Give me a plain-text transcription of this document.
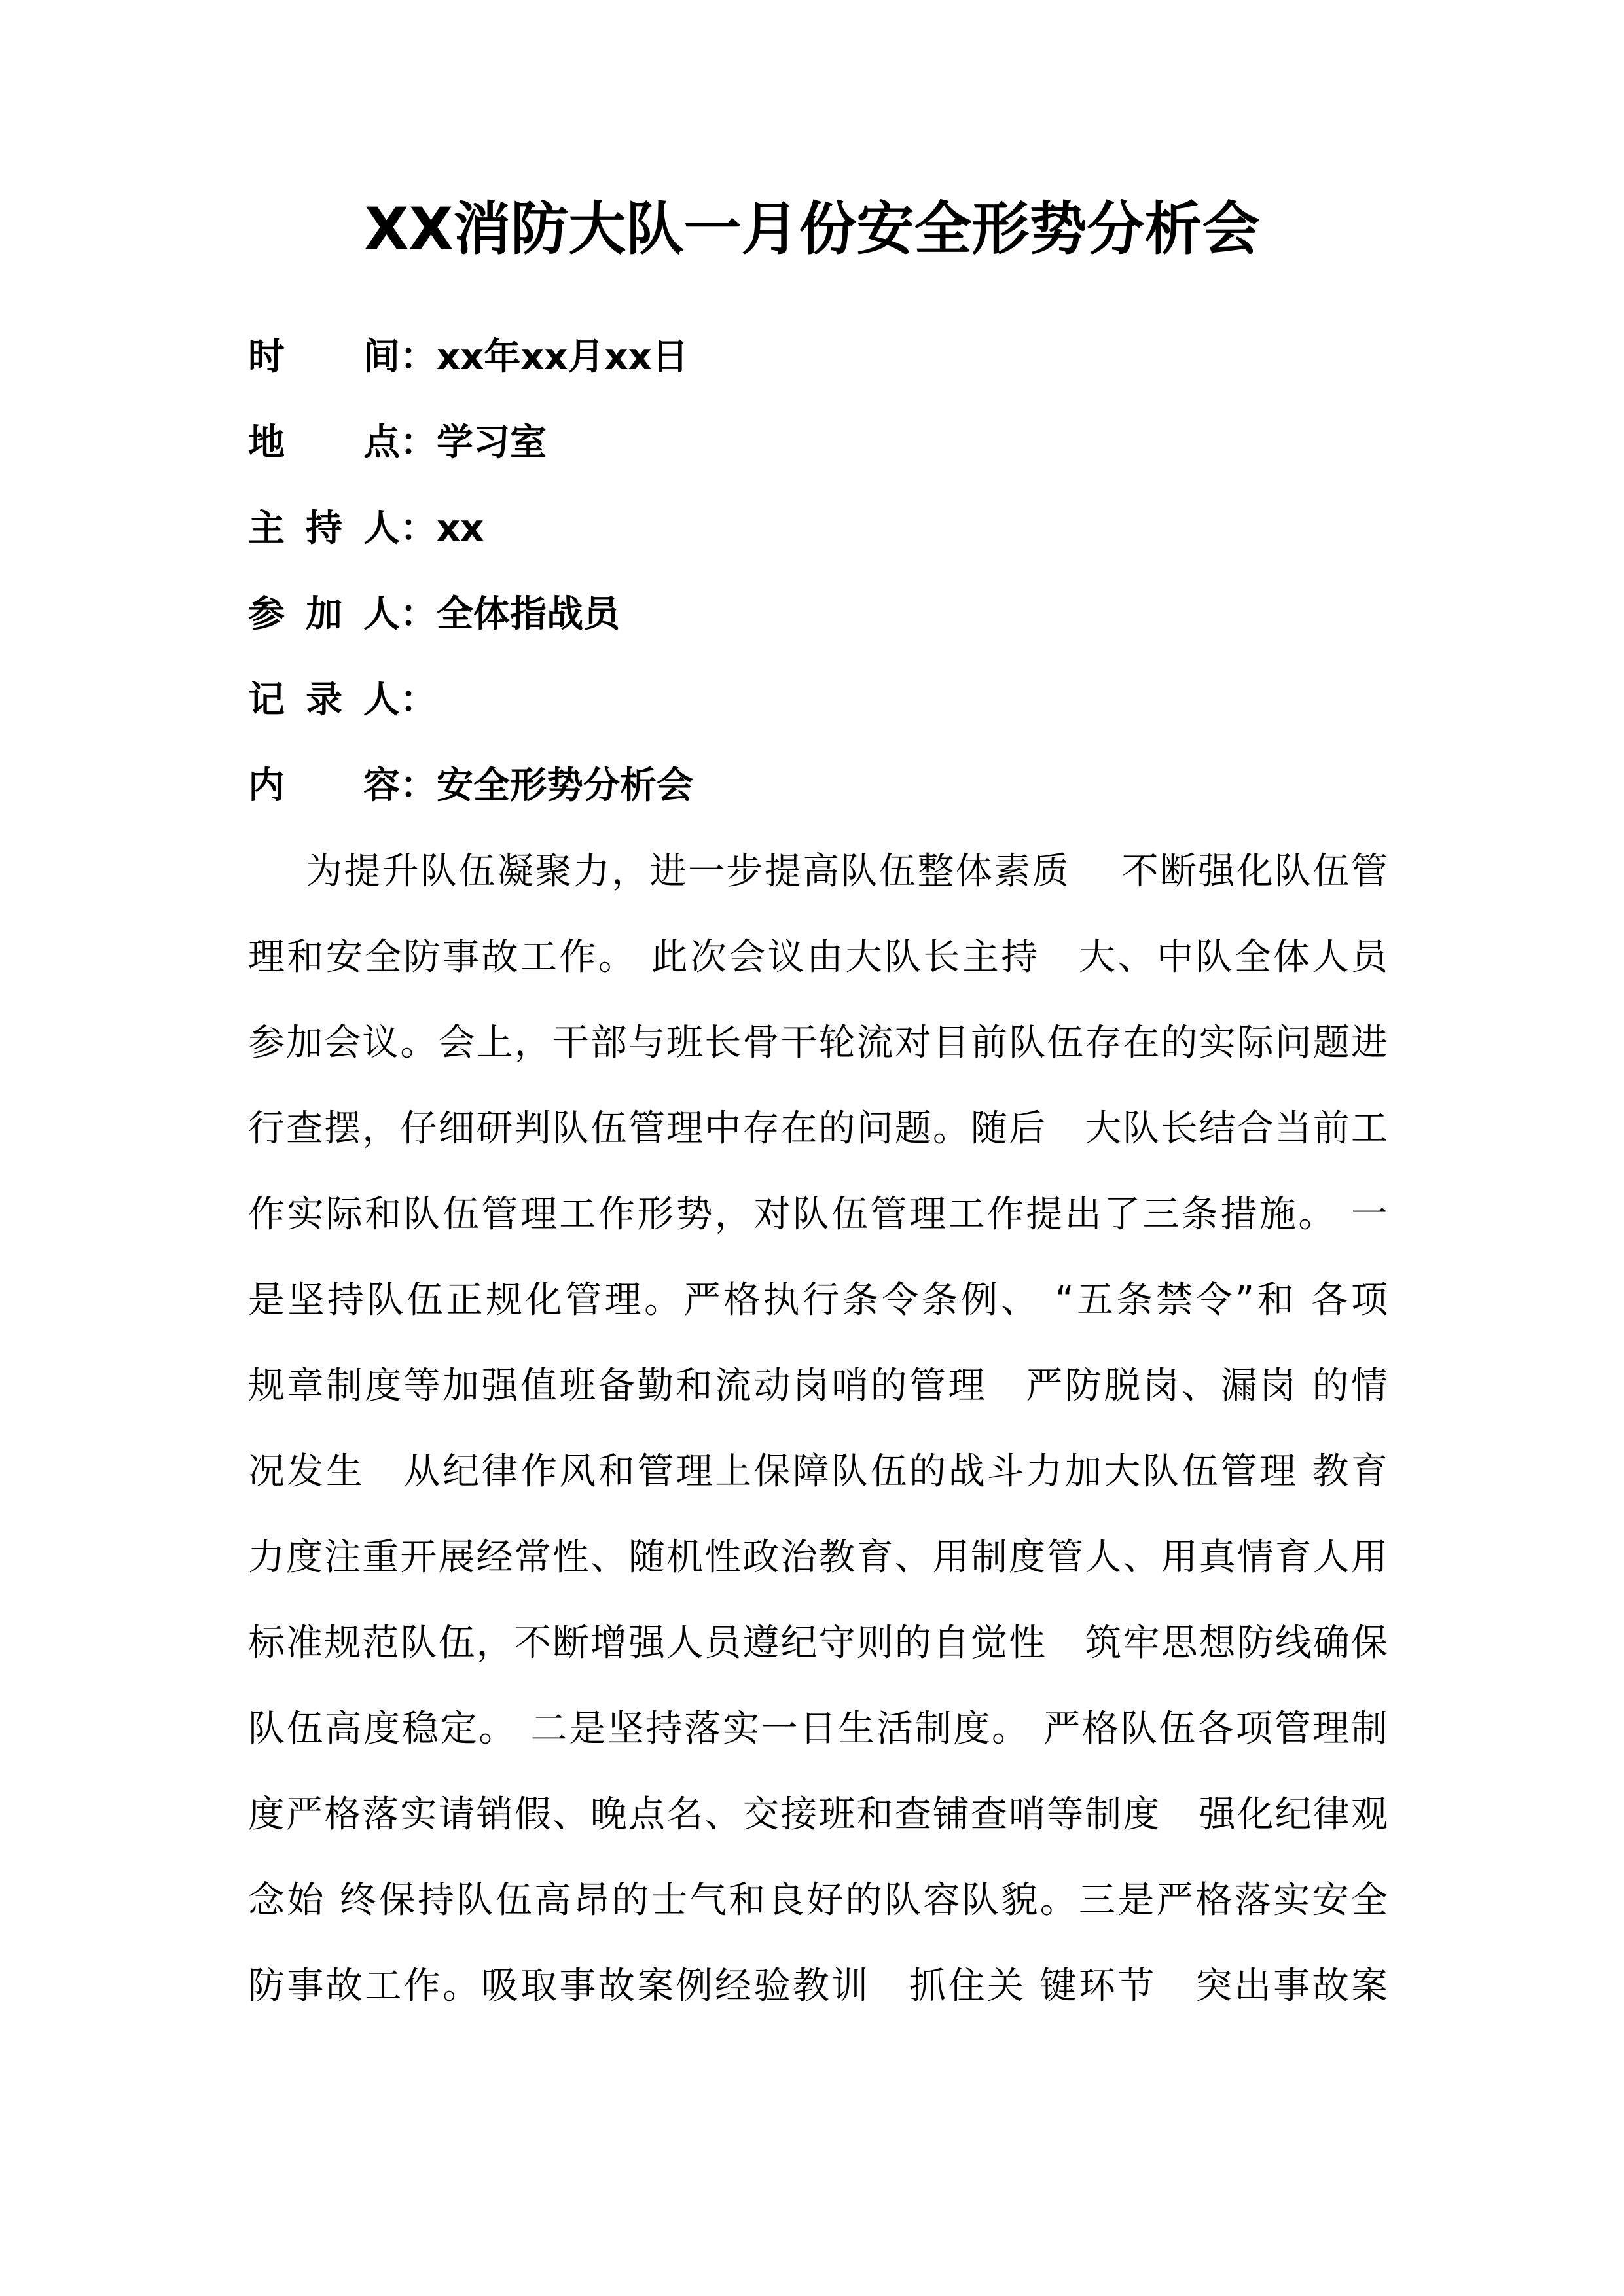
XX消防大队一月份安全形势分析会
时　间：xx年xx月xx日
地　点：学习室
主持人：xx
参加人：全体指战员
记录人：
内　容：安全形势分析会
为提升队伍凝聚力，进一步提高队伍整体素质　 不断强化队伍管
理和安全防事故工作。 此次会议由大队长主持　大、中队全体人员
参加会议。会上，干部与班长骨干轮流对目前队伍存在的实际问题进
行查摆，仔细研判队伍管理中存在的问题。随后　大队长结合当前工
作实际和队伍管理工作形势，对队伍管理工作提出了三条措施。 一
是坚持队伍正规化管理。严格执行条令条例、 “五条禁令”和 各项
规章制度等加强值班备勤和流动岗哨的管理　严防脱岗、漏岗 的情
况发生　从纪律作风和管理上保障队伍的战斗力加大队伍管理 教育
力度注重开展经常性、随机性政治教育、用制度管人、用真情育人用
标准规范队伍，不断增强人员遵纪守则的自觉性　筑牢思想防线确保
队伍高度稳定。 二是坚持落实一日生活制度。 严格队伍各项管理制
度严格落实请销假、晚点名、交接班和查铺查哨等制度　强化纪律观
念始 终保持队伍高昂的士气和良好的队容队貌。三是严格落实安全
防事故工作。吸取事故案例经验教训　抓住关 键环节　突出事故案
